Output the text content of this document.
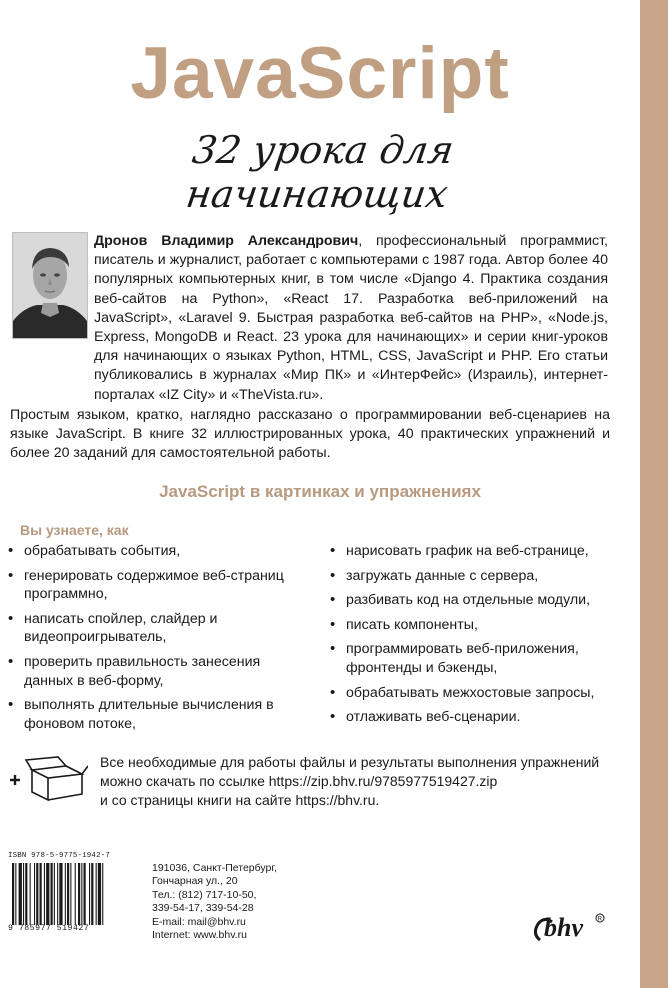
JavaScript
32 урока для начинающих
Дронов Владимир Александрович, профессиональный программист, писатель и журналист, работает с компьютерами с 1987 года. Автор более 40 популярных компьютерных книг, в том числе «Django 4. Практика создания веб-сайтов на Python», «React 17. Разработка веб-приложений на JavaScript», «Laravel 9. Быстрая разработка веб-сайтов на PHP», «Node.js, Express, MongoDB и React. 23 урока для начинающих» и серии книг-уроков для начинающих о языках Python, HTML, CSS, JavaScript и PHP. Его статьи публиковались в журналах «Мир ПК» и «ИнтерФейс» (Израиль), интернет-порталах «IZ City» и «TheVista.ru».
Простым языком, кратко, наглядно рассказано о программировании веб-сценариев на языке JavaScript. В книге 32 иллюстрированных урока, 40 практических упражнений и более 20 заданий для самостоятельной работы.
JavaScript в картинках и упражнениях
Вы узнаете, как
• обрабатывать события,
• генерировать содержимое веб-страниц программно,
• написать спойлер, слайдер и видеопроигрыватель,
• проверить правильность занесения данных в веб-форму,
• выполнять длительные вычисления в фоновом потоке,
• нарисовать график на веб-странице,
• загружать данные с сервера,
• разбивать код на отдельные модули,
• писать компоненты,
• программировать веб-приложения, фронтенды и бэкенды,
• обрабатывать межхостовые запросы,
• отлаживать веб-сценарии.
Все необходимые для работы файлы и результаты выполнения упражнений
можно скачать по ссылке https://zip.bhv.ru/9785977519427.zip
и со страницы книги на сайте https://bhv.ru.
ISBN 978-5-9775-1942-7
9 785977 519427
191036, Санкт-Петербург,
Гончарная ул., 20
Тел.: (812) 717-10-50,
339-54-17, 339-54-28
E-mail: mail@bhv.ru
Internet: www.bhv.ru	bhv R
